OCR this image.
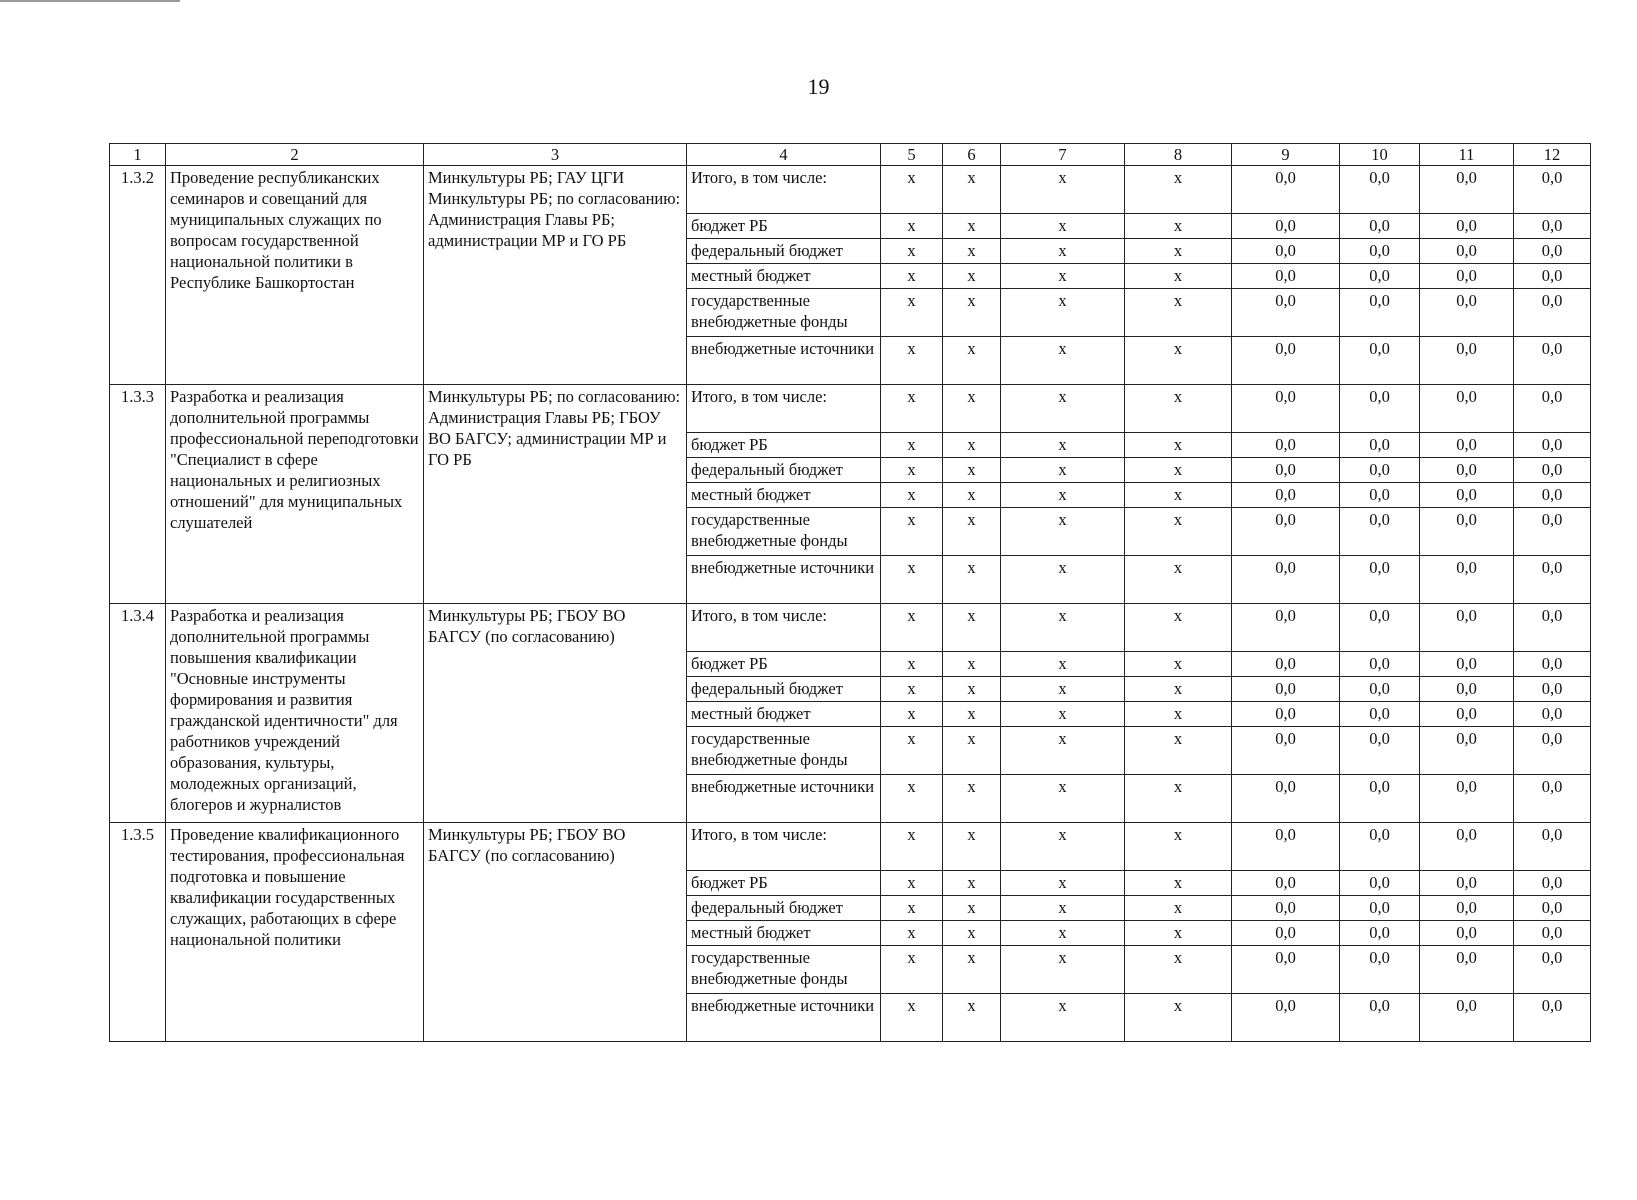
19
1	2	3	4	5	6	7	8	9	10	11	12
1.3.2	Проведение республиканских семинаров и совещаний для муниципальных служащих по вопросам государственной национальной политики в Республике Башкортостан	Минкультуры РБ; ГАУ ЦГИ Минкультуры РБ; по согласованию: Администрация Главы РБ; администрации МР и ГО РБ	Итого, в том числе:	х	х	х	х	0,0	0,0	0,0	0,0
			бюджет РБ	х	х	х	х	0,0	0,0	0,0	0,0
			федеральный бюджет	х	х	х	х	0,0	0,0	0,0	0,0
			местный бюджет	х	х	х	х	0,0	0,0	0,0	0,0
			государственные внебюджетные фонды	х	х	х	х	0,0	0,0	0,0	0,0
			внебюджетные источники	х	х	х	х	0,0	0,0	0,0	0,0
1.3.3	Разработка и реализация дополнительной программы профессиональной переподготовки "Специалист в сфере национальных и религиозных отношений" для муниципальных слушателей	Минкультуры РБ; по согласованию: Администрация Главы РБ; ГБОУ ВО БАГСУ; администрации МР и ГО РБ	Итого, в том числе:	х	х	х	х	0,0	0,0	0,0	0,0
			бюджет РБ	х	х	х	х	0,0	0,0	0,0	0,0
			федеральный бюджет	х	х	х	х	0,0	0,0	0,0	0,0
			местный бюджет	х	х	х	х	0,0	0,0	0,0	0,0
			государственные внебюджетные фонды	х	х	х	х	0,0	0,0	0,0	0,0
			внебюджетные источники	х	х	х	х	0,0	0,0	0,0	0,0
1.3.4	Разработка и реализация дополнительной программы повышения квалификации "Основные инструменты формирования и развития гражданской идентичности" для работников учреждений образования, культуры, молодежных организаций, блогеров и журналистов	Минкультуры РБ; ГБОУ ВО БАГСУ (по согласованию)	Итого, в том числе:	х	х	х	х	0,0	0,0	0,0	0,0
			бюджет РБ	х	х	х	х	0,0	0,0	0,0	0,0
			федеральный бюджет	х	х	х	х	0,0	0,0	0,0	0,0
			местный бюджет	х	х	х	х	0,0	0,0	0,0	0,0
			государственные внебюджетные фонды	х	х	х	х	0,0	0,0	0,0	0,0
			внебюджетные источники	х	х	х	х	0,0	0,0	0,0	0,0
1.3.5	Проведение квалификационного тестирования, профессиональная подготовка и повышение квалификации государственных служащих, работающих в сфере национальной политики	Минкультуры РБ; ГБОУ ВО БАГСУ (по согласованию)	Итого, в том числе:	х	х	х	х	0,0	0,0	0,0	0,0
			бюджет РБ	х	х	х	х	0,0	0,0	0,0	0,0
			федеральный бюджет	х	х	х	х	0,0	0,0	0,0	0,0
			местный бюджет	х	х	х	х	0,0	0,0	0,0	0,0
			государственные внебюджетные фонды	х	х	х	х	0,0	0,0	0,0	0,0
			внебюджетные источники	х	х	х	х	0,0	0,0	0,0	0,0
